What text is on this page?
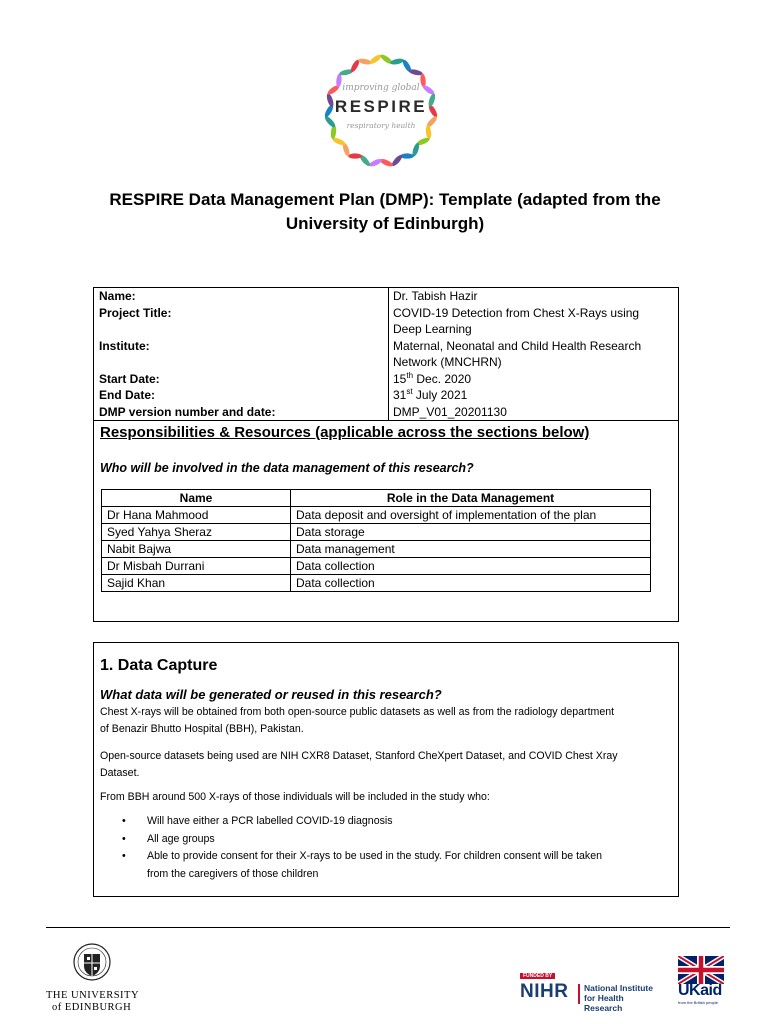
improving global
RESPIRE
respiratory health
RESPIRE Data Management Plan (DMP): Template (adapted from the
University of Edinburgh)
Name:	Dr. Tabish Hazir
Project Title:	COVID-19 Detection from Chest X-Rays using
Deep Learning
Institute:	Maternal, Neonatal and Child Health Research
Network (MNCHRN)
Start Date:	15th Dec. 2020
End Date:	31st July 2021
DMP version number and date:	DMP_V01_20201130
Responsibilities & Resources (applicable across the sections below)
Who will be involved in the data management of this research?
Name	Role in the Data Management
Dr Hana Mahmood	Data deposit and oversight of implementation of the plan
Syed Yahya Sheraz	Data storage
Nabit Bajwa	Data management
Dr Misbah Durrani	Data collection
Sajid Khan	Data collection
1. Data Capture
What data will be generated or reused in this research?
Chest X-rays will be obtained from both open-source public datasets as well as from the radiology department
of Benazir Bhutto Hospital (BBH), Pakistan.
Open-source datasets being used are NIH CXR8 Dataset, Stanford CheXpert Dataset, and COVID Chest Xray
Dataset.
From BBH around 500 X-rays of those individuals will be included in the study who:
• Will have either a PCR labelled COVID-19 diagnosis
• All age groups
• Able to provide consent for their X-rays to be used in the study. For children consent will be taken
from the caregivers of those children
THE UNIVERSITY
of EDINBURGH
FUNDED BY
NIHR National Institute
for Health Research
UKaid
from the British people
